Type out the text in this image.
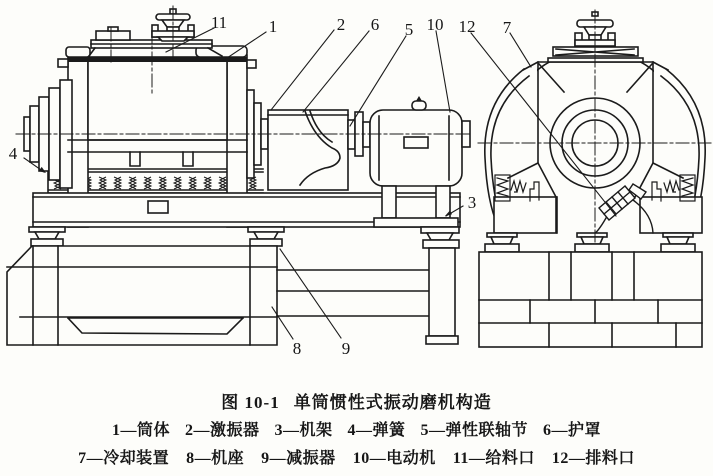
4
11 1	2 6 5 10 12 7
3
8 9
图 10-1 单筒惯性式振动磨机构造
1—筒体 2—激振器 3—机架 4—弹簧 5—弹性联轴节 6—护罩
7—冷却装置 8—机座 9—减振器 10—电动机 11—给料口 12—排料口
